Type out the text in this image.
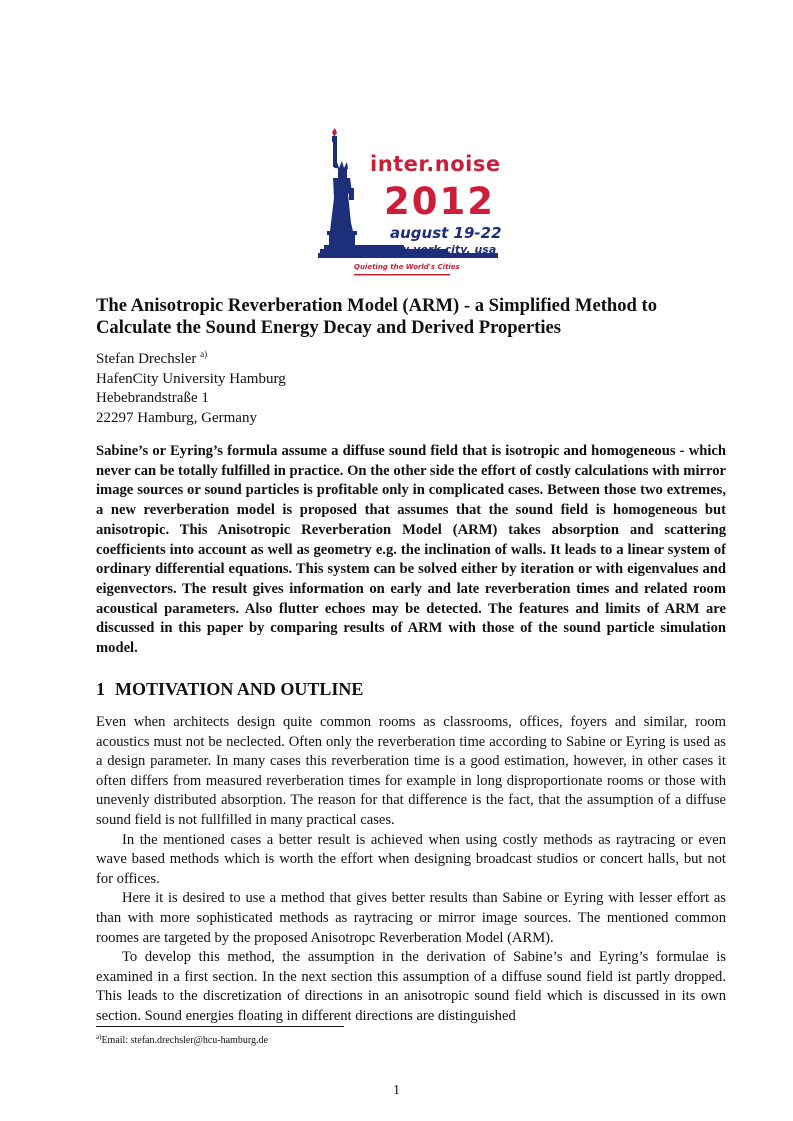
inter.noise
2012
august 19-22
new york city, usa
Quieting the World's Cities
The Anisotropic Reverberation Model (ARM) - a Simplified Method to Calculate the Sound Energy Decay and Derived Properties
Stefan Drechsler $^{a)}$
HafenCity University Hamburg
Hebebrandstraße 1
22297 Hamburg, Germany

Sabine’s or Eyring’s formula assume a diffuse sound field that is isotropic and homogeneous - which never can be totally fulfilled in practice. On the other side the effort of costly calculations with mirror image sources or sound particles is profitable only in complicated cases. Between those two extremes, a new reverberation model is proposed that assumes that the sound field is homogeneous but anisotropic. This Anisotropic Reverberation Model (ARM) takes absorption and scattering coefficients into account as well as geometry e.g. the inclination of walls. It leads to a linear system of ordinary differential equations. This system can be solved either by iteration or with eigenvalues and eigenvectors. The result gives information on early and late reverberation times and related room acoustical parameters. Also flutter echoes may be detected. The features and limits of ARM are discussed in this paper by comparing results of ARM with those of the sound particle simulation model.

1 MOTIVATION AND OUTLINE

Even when architects design quite common rooms as classrooms, offices, foyers and similar, room acoustics must not be neclected. Often only the reverberation time according to Sabine or Eyring is used as a design parameter. In many cases this reverberation time is a good estimation, however, in other cases it often differs from measured reverberation times for example in long disproportionate rooms or those with unevenly distributed absorption. The reason for that difference is the fact, that the assumption of a diffuse sound field is not fullfilled in many practical cases.

In the mentioned cases a better result is achieved when using costly methods as raytracing or even wave based methods which is worth the effort when designing broadcast studios or concert halls, but not for offices.

Here it is desired to use a method that gives better results than Sabine or Eyring with lesser effort as than with more sophisticated methods as raytracing or mirror image sources. The mentioned common roomes are targeted by the proposed Anisotropc Reverberation Model (ARM).

To develop this method, the assumption in the derivation of Sabine’s and Eyring’s formulae is examined in a first section. In the next section this assumption of a diffuse sound field ist partly dropped. This leads to the discretization of directions in an anisotropic sound field which is discussed in its own section. Sound energies floating in different directions are distinguished

$^{a)}$Email: stefan.drechsler@hcu-hamburg.de
1
